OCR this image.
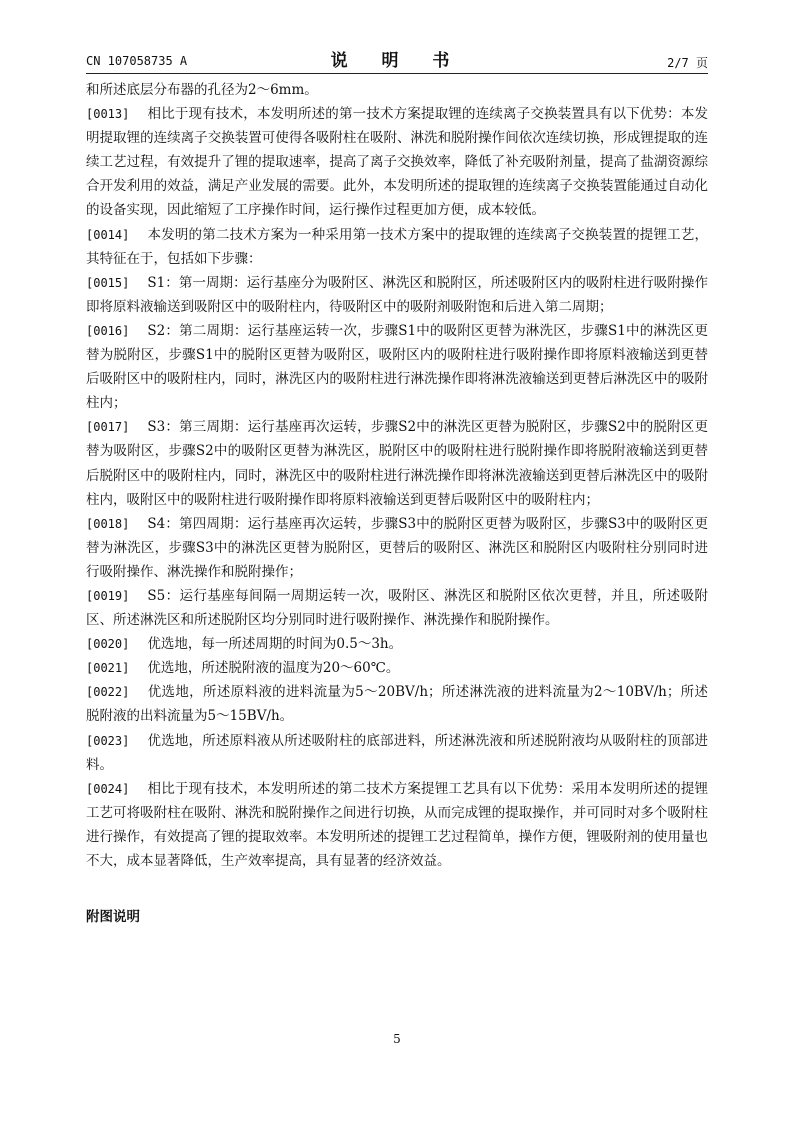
CN 107058735 A	说 明 书	2/7 页

和所述底层分布器的孔径为2～6mm。

[0013] 相比于现有技术，本发明所述的第一技术方案提取锂的连续离子交换装置具有以下优势：本发明提取锂的连续离子交换装置可使得各吸附柱在吸附、淋洗和脱附操作间依次连续切换，形成锂提取的连续工艺过程，有效提升了锂的提取速率，提高了离子交换效率，降低了补充吸附剂量，提高了盐湖资源综合开发利用的效益，满足产业发展的需要。此外，本发明所述的提取锂的连续离子交换装置能通过自动化的设备实现，因此缩短了工序操作时间，运行操作过程更加方便，成本较低。

[0014] 本发明的第二技术方案为一种采用第一技术方案中的提取锂的连续离子交换装置的提锂工艺，其特征在于，包括如下步骤：

[0015] S1：第一周期：运行基座分为吸附区、淋洗区和脱附区，所述吸附区内的吸附柱进行吸附操作即将原料液输送到吸附区中的吸附柱内，待吸附区中的吸附剂吸附饱和后进入第二周期；

[0016] S2：第二周期：运行基座运转一次，步骤S1中的吸附区更替为淋洗区，步骤S1中的淋洗区更替为脱附区，步骤S1中的脱附区更替为吸附区，吸附区内的吸附柱进行吸附操作即将原料液输送到更替后吸附区中的吸附柱内，同时，淋洗区内的吸附柱进行淋洗操作即将淋洗液输送到更替后淋洗区中的吸附柱内；

[0017] S3：第三周期：运行基座再次运转，步骤S2中的淋洗区更替为脱附区，步骤S2中的脱附区更替为吸附区，步骤S2中的吸附区更替为淋洗区，脱附区中的吸附柱进行脱附操作即将脱附液输送到更替后脱附区中的吸附柱内，同时，淋洗区中的吸附柱进行淋洗操作即将淋洗液输送到更替后淋洗区中的吸附柱内，吸附区中的吸附柱进行吸附操作即将原料液输送到更替后吸附区中的吸附柱内；

[0018] S4：第四周期：运行基座再次运转，步骤S3中的脱附区更替为吸附区，步骤S3中的吸附区更替为淋洗区，步骤S3中的淋洗区更替为脱附区，更替后的吸附区、淋洗区和脱附区内吸附柱分别同时进行吸附操作、淋洗操作和脱附操作；

[0019] S5：运行基座每间隔一周期运转一次，吸附区、淋洗区和脱附区依次更替，并且，所述吸附区、所述淋洗区和所述脱附区均分别同时进行吸附操作、淋洗操作和脱附操作。

[0020] 优选地，每一所述周期的时间为0.5～3h。

[0021] 优选地，所述脱附液的温度为20～60℃。

[0022] 优选地，所述原料液的进料流量为5～20BV/h；所述淋洗液的进料流量为2～10BV/h；所述脱附液的出料流量为5～15BV/h。

[0023] 优选地，所述原料液从所述吸附柱的底部进料，所述淋洗液和所述脱附液均从吸附柱的顶部进料。

[0024] 相比于现有技术，本发明所述的第二技术方案提锂工艺具有以下优势：采用本发明所述的提锂工艺可将吸附柱在吸附、淋洗和脱附操作之间进行切换，从而完成锂的提取操作，并可同时对多个吸附柱进行操作，有效提高了锂的提取效率。本发明所述的提锂工艺过程简单，操作方便，锂吸附剂的使用量也不大，成本显著降低，生产效率提高，具有显著的经济效益。

附图说明
5
